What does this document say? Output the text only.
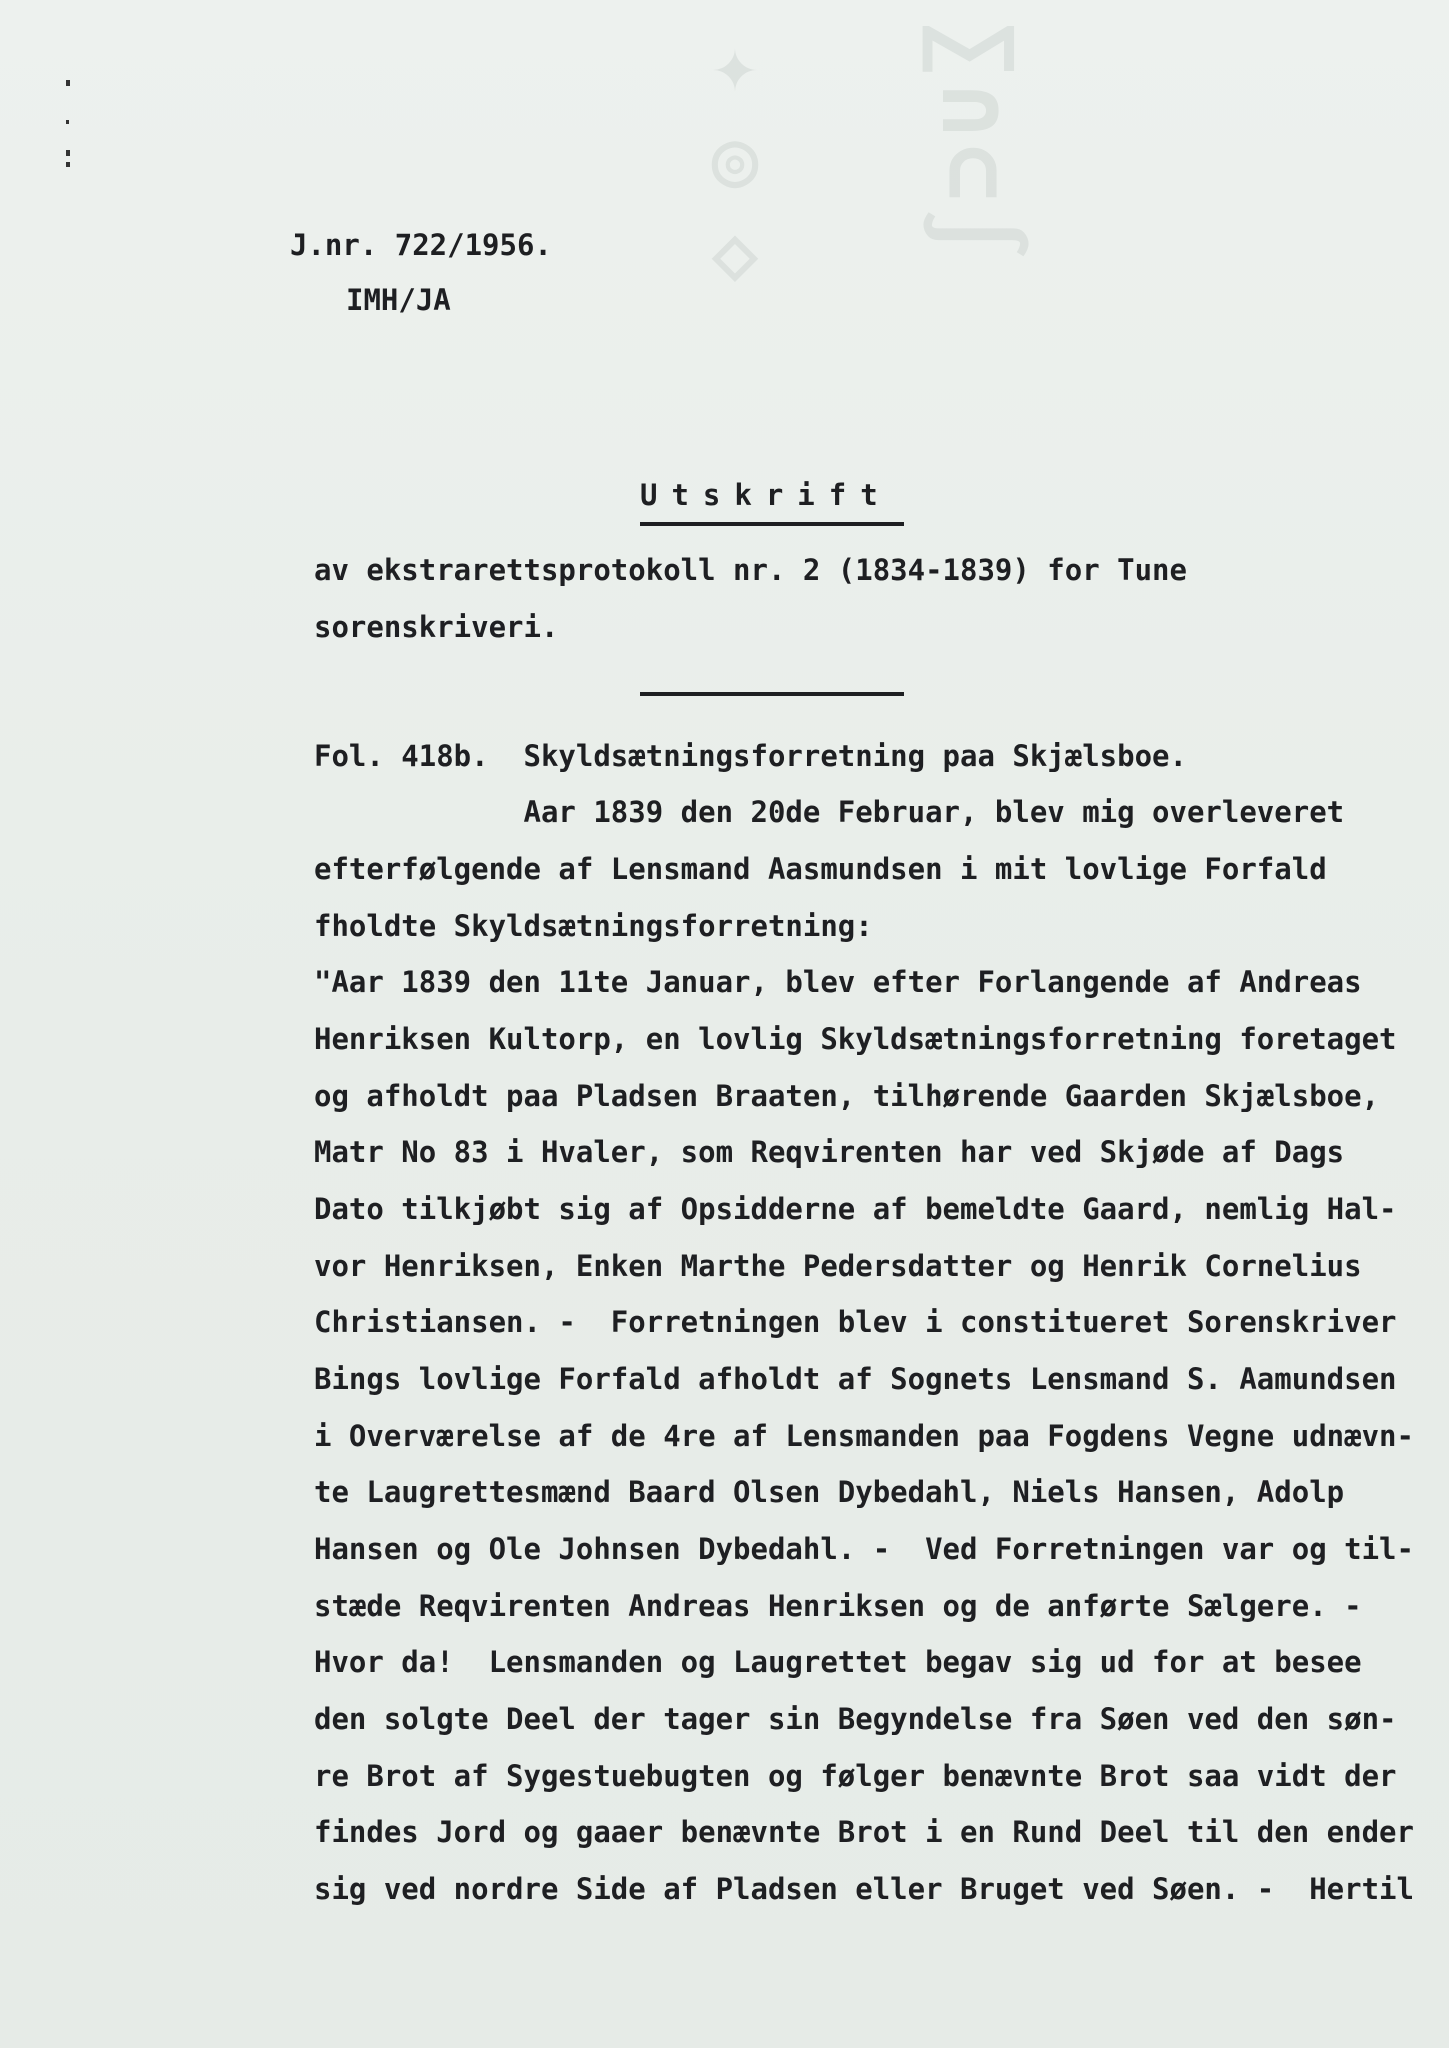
✦◎◇ ∑∩⊂∫
J.nr. 722/1956.
IMH/JA
Utskrift
av ekstrarettsprotokoll nr. 2 (1834-1839) for Tune
sorenskriveri.
Fol. 418b.  Skyldsætningsforretning paa Skjælsboe.
Aar 1839 den 20de Februar, blev mig overleveret
efterfølgende af Lensmand Aasmundsen i mit lovlige Forfald
fholdte Skyldsætningsforretning:
"Aar 1839 den 11te Januar, blev efter Forlangende af Andreas
Henriksen Kultorp, en lovlig Skyldsætningsforretning foretaget
og afholdt paa Pladsen Braaten, tilhørende Gaarden Skjælsboe,
Matr No 83 i Hvaler, som Reqvirenten har ved Skjøde af Dags
Dato tilkjøbt sig af Opsidderne af bemeldte Gaard, nemlig Hal-
vor Henriksen, Enken Marthe Pedersdatter og Henrik Cornelius
Christiansen. -  Forretningen blev i constitueret Sorenskriver
Bings lovlige Forfald afholdt af Sognets Lensmand S. Aamundsen
i Overværelse af de 4re af Lensmanden paa Fogdens Vegne udnævn-
te Laugrettesmænd Baard Olsen Dybedahl, Niels Hansen, Adolp
Hansen og Ole Johnsen Dybedahl. -  Ved Forretningen var og til-
stæde Reqvirenten Andreas Henriksen og de anførte Sælgere. -
Hvor da!  Lensmanden og Laugrettet begav sig ud for at besee
den solgte Deel der tager sin Begyndelse fra Søen ved den søn-
re Brot af Sygestuebugten og følger benævnte Brot saa vidt der
findes Jord og gaaer benævnte Brot i en Rund Deel til den ender
sig ved nordre Side af Pladsen eller Bruget ved Søen. -  Hertil
